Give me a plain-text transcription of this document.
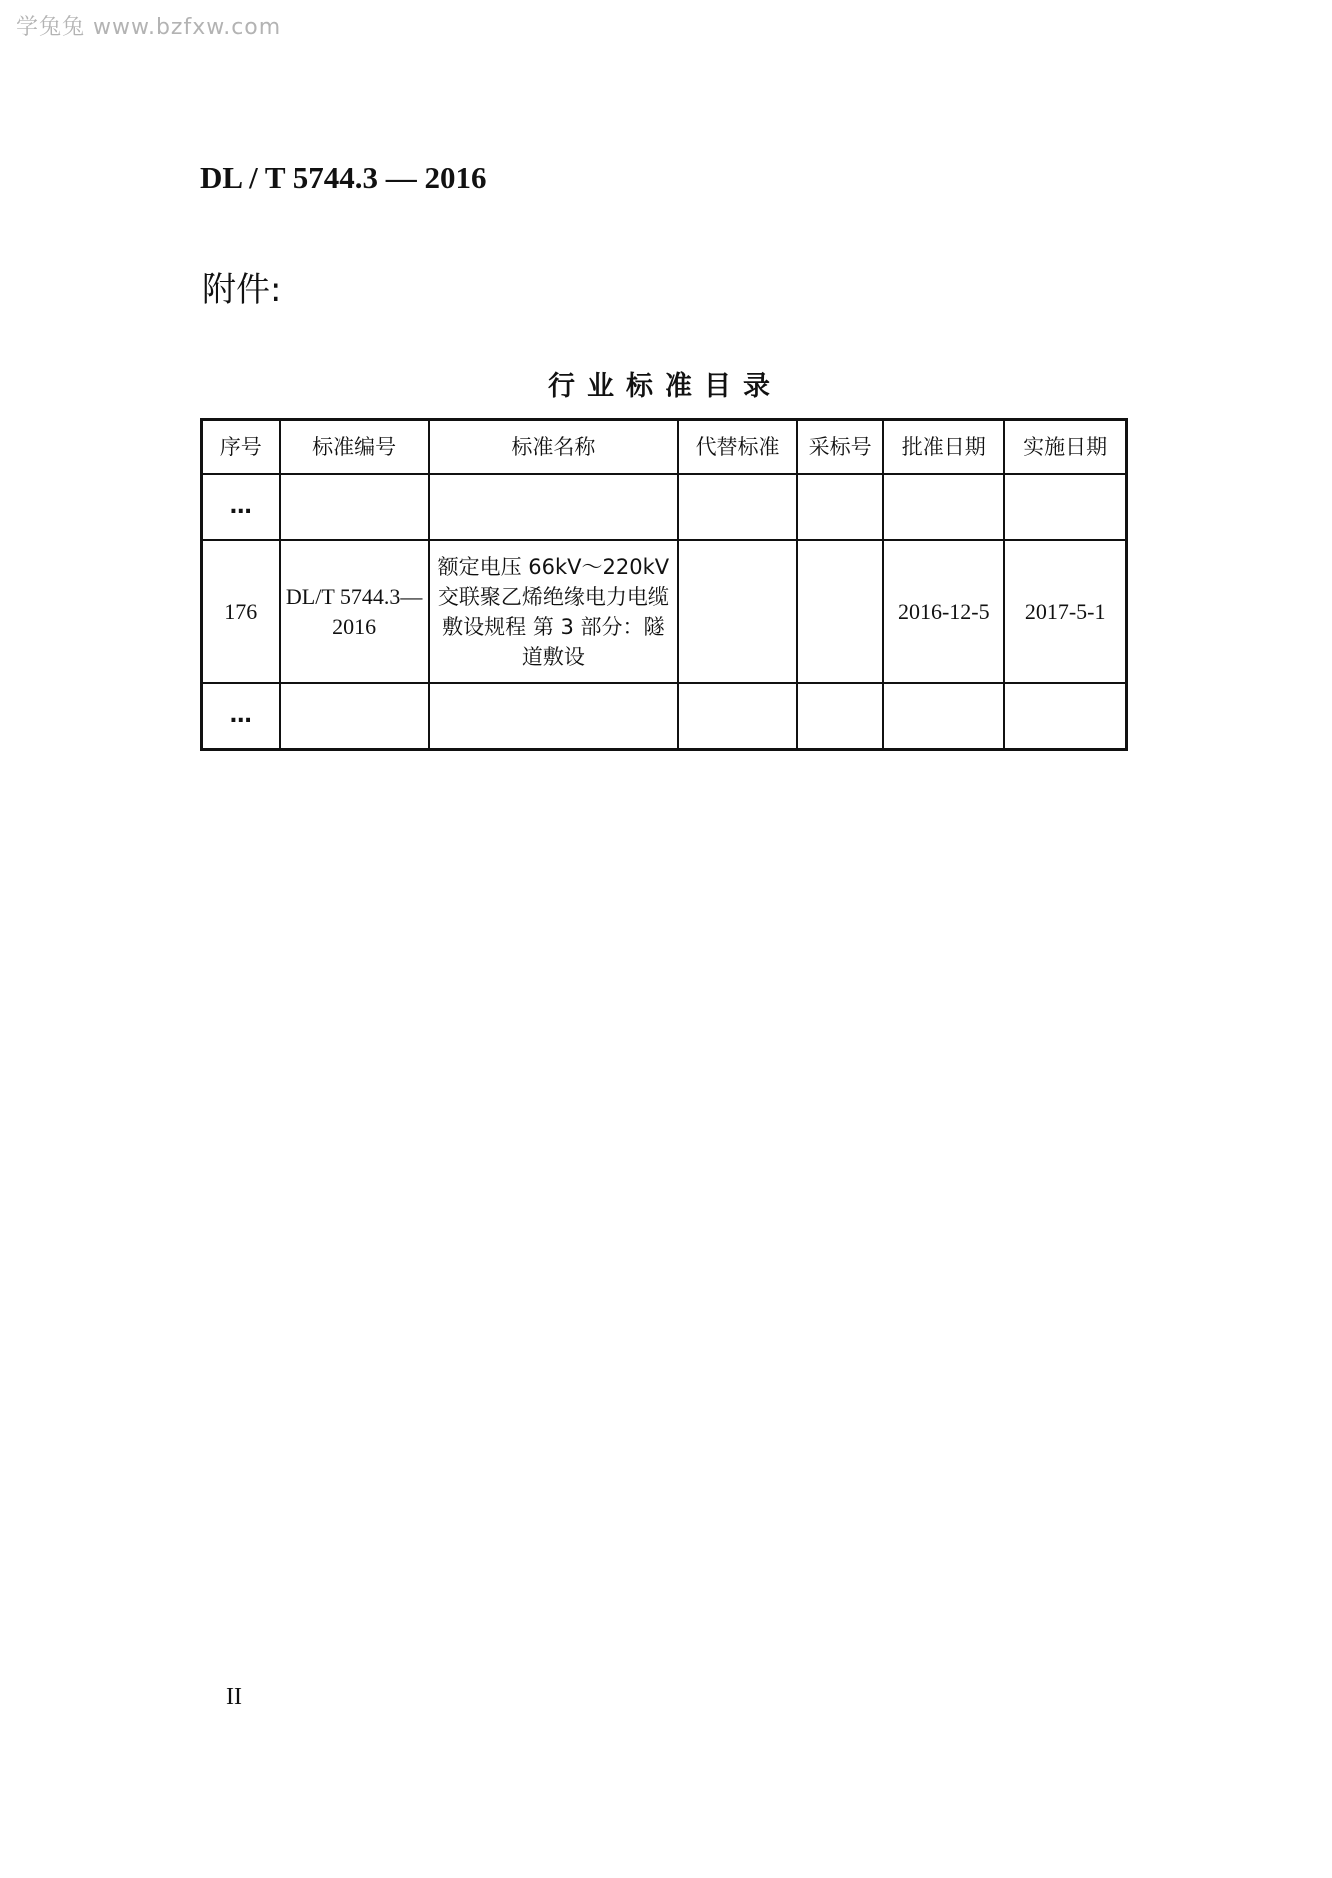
学兔兔 www.bzfxw.com
DL / T 5744.3 — 2016
附件:
行业标准目录
序号	标准编号	标准名称	代替标准	采标号	批准日期	实施日期
…						
176	DL/T 5744.3—2016	额定电压 66kV～220kV 交联聚乙烯绝缘电力电缆敷设规程 第 3 部分：隧道敷设			2016-12-5	2017-5-1
…						
II
